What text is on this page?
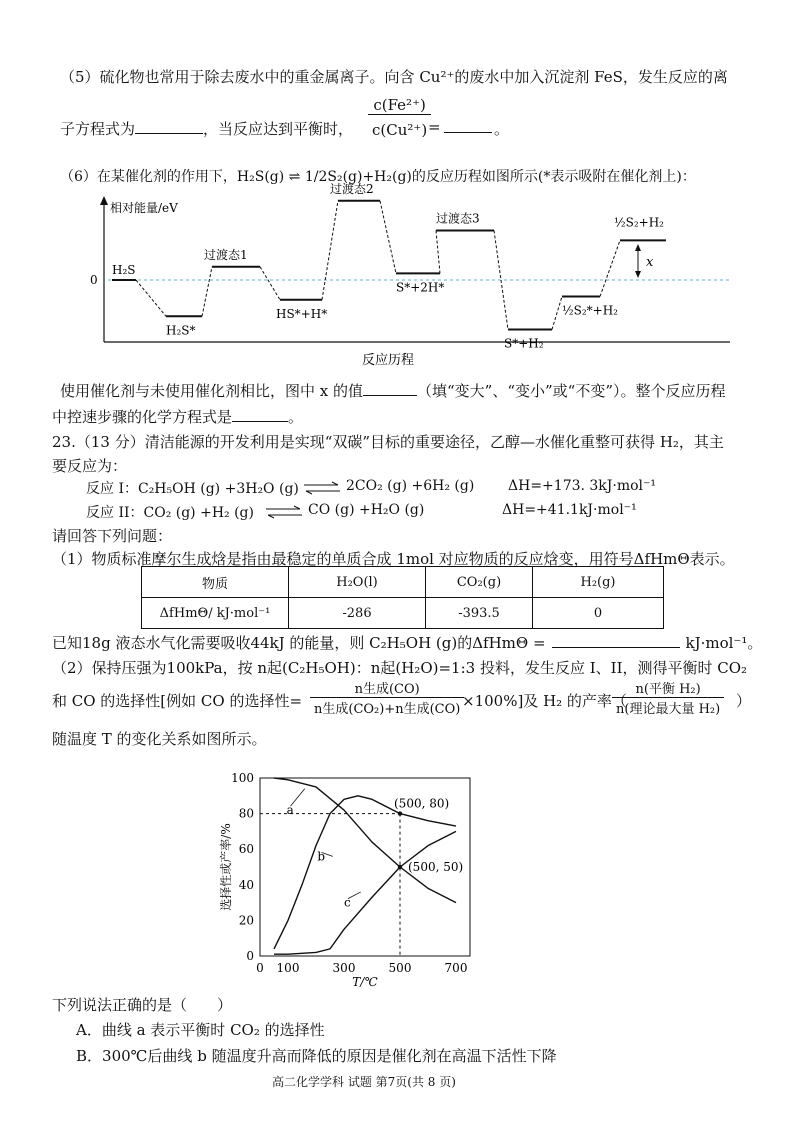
（5）硫化物也常用于除去废水中的重金属离子。向含 Cu²⁺的废水中加入沉淀剂 FeS，发生反应的离
子方程式为	，当反应达到平衡时， $\frac{\text{c(Fe²⁺)}}{\text{c(Cu²⁺)}}$
=	。
（6）在某催化剂的作用下，H₂S(g) ⇌ 1/2S₂(g)+H₂(g)的反应历程如图所示(*表示吸附在催化剂上)：
相对能量/eV
0
反应历程
H₂S
H₂S*
过渡态1
HS*+H*
过渡态2
S*+2H*
过渡态3
S*+H₂
½S₂*+H₂
½S₂+H₂
x
使用催化剂与未使用催化剂相比，图中 x 的值	（填“变大”、“变小”或“不变”）。整个反应历程
中控速步骤的化学方程式是	。
23.（13 分）清洁能源的开发利用是实现“双碳”目标的重要途径，乙醇—水催化重整可获得 H₂，其主
要反应为：
反应 I：C₂H₅OH (g) +3H₂O (g)	2CO₂ (g) +6H₂ (g) ΔH=+173. 3kJ·mol⁻¹
反应 II：CO₂ (g) +H₂ (g)	CO (g) +H₂O (g)	ΔH=+41.1kJ·mol⁻¹
请回答下列问题：
（1）物质标准摩尔生成焓是指由最稳定的单质合成 1mol 对应物质的反应焓变，用符号ΔfHmΘ表示。
物质	H₂O(l)	CO₂(g)	H₂(g)
ΔfHmΘ/ kJ·mol⁻¹	-286	-393.5	0
已知18g 液态水气化需要吸收44kJ 的能量，则 C₂H₅OH (g)的ΔfHmΘ =	kJ·mol⁻¹。
（2）保持压强为100kPa，按 n起(C₂H₅OH)：n起(H₂O)=1:3 投料，发生反应 I、II，测得平衡时 CO₂
和 CO 的选择性[例如 CO 的选择性=
n生成(CO)
n生成(CO₂)+n生成(CO) ×100%]及 H₂ 的产率（
n(平衡 H₂)
n(理论最大量 H₂) ）
随温度 T 的变化关系如图所示。
0 100	300	500	700
0
20
40
60
80
100
T/℃
选择性或产率/%
a
b
c
(500, 80)
(500, 50)
下列说法正确的是（　　）
A．曲线 a 表示平衡时 CO₂ 的选择性
B．300℃后曲线 b 随温度升高而降低的原因是催化剂在高温下活性下降
高二化学学科 试题 第7页(共 8 页)
